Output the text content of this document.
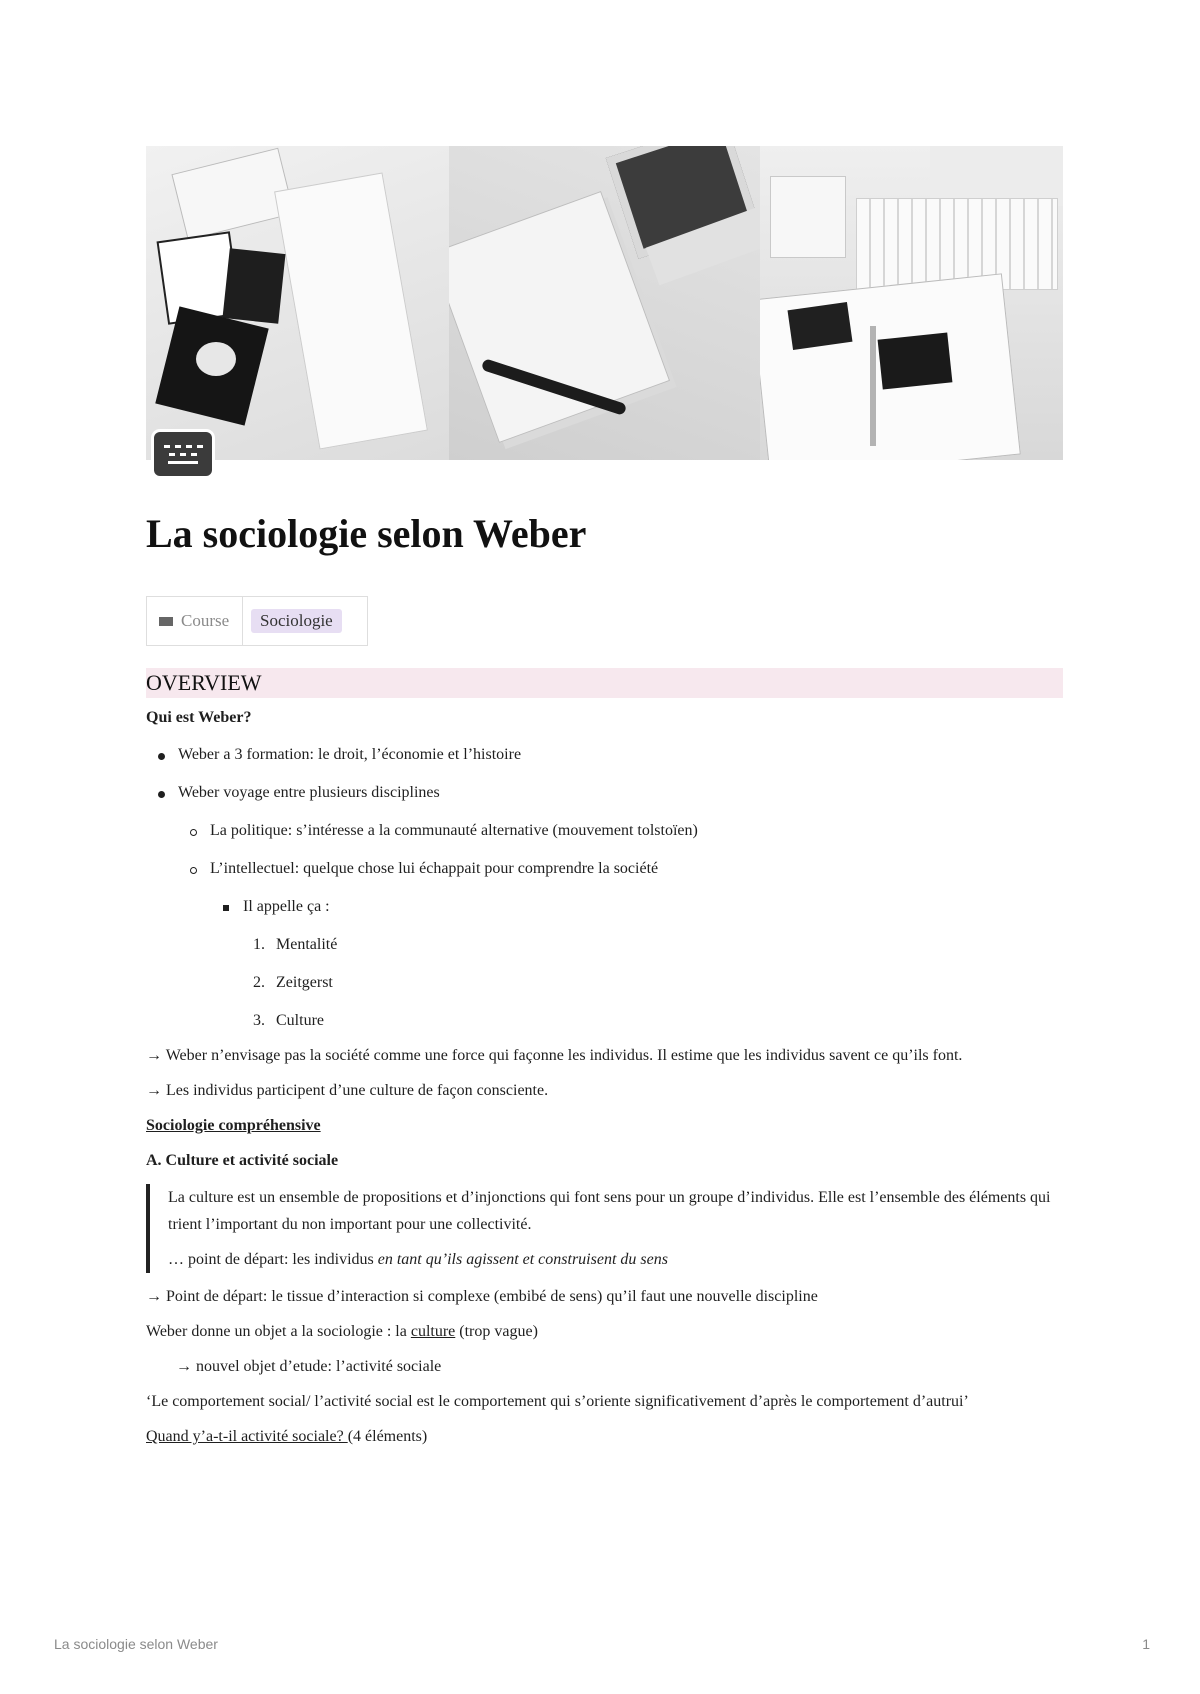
La sociologie selon Weber
Course	Sociologie
OVERVIEW

Qui est Weber?

Weber a 3 formation: le droit, l’économie et l’histoire

Weber voyage entre plusieurs disciplines

La politique: s’intéresse a la communauté alternative (mouvement tolstoïen)

L’intellectuel: quelque chose lui échappait pour comprendre la société

Il appelle ça :

1. Mentalité

2. Zeitgerst

3. Culture

→ Weber n’envisage pas la société comme une force qui façonne les individus. Il estime que les individus savent ce qu’ils font.

→ Les individus participent d’une culture de façon consciente.

Sociologie compréhensive

A. Culture et activité sociale

La culture est un ensemble de propositions et d’injonctions qui font sens pour un groupe d’individus. Elle est l’ensemble des éléments qui trient l’important du non important pour une collectivité.

… point de départ: les individus en tant qu’ils agissent et construisent du sens

→ Point de départ: le tissue d’interaction si complexe (embibé de sens) qu’il faut une nouvelle discipline

Weber donne un objet a la sociologie : la culture (trop vague)

→ nouvel objet d’etude: l’activité sociale

‘Le comportement social/ l’activité social est le comportement qui s’oriente significativement d’après le comportement d’autrui’

Quand y’a-t-il activité sociale? (4 éléments)

La sociologie selon Weber	1
